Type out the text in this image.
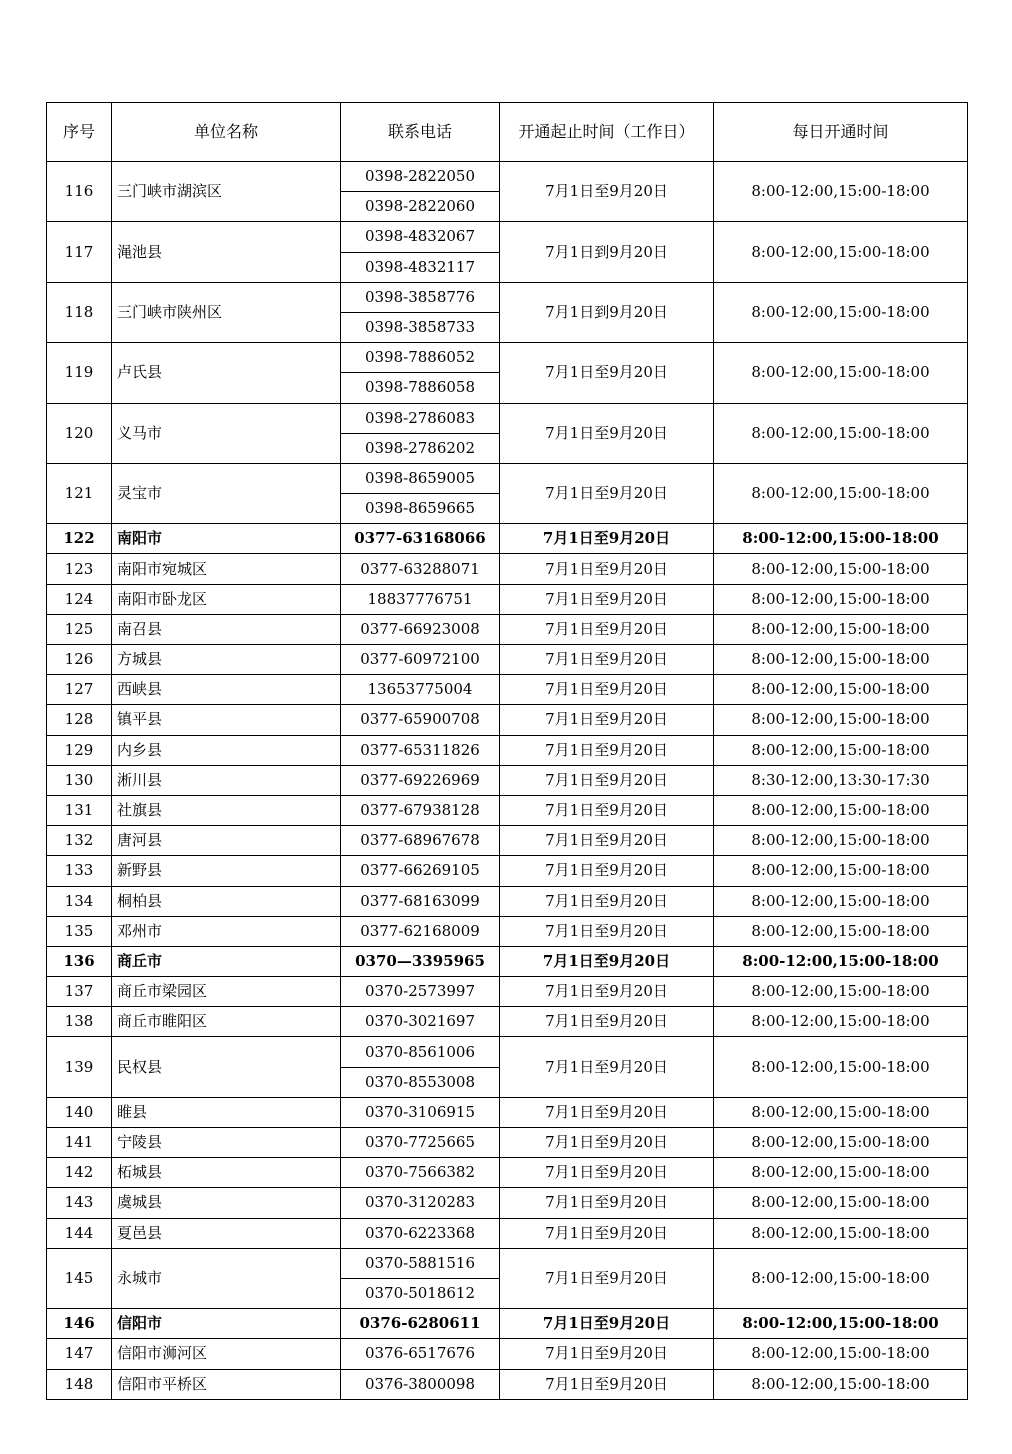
序号	单位名称	联系电话	开通起止时间（工作日）	每日开通时间
116	三门峡市湖滨区	0398-2822050	7月1日至9月20日	8:00-12:00,15:00-18:00
		0398-2822060		
117	渑池县	0398-4832067	7月1日到9月20日	8:00-12:00,15:00-18:00
		0398-4832117		
118	三门峡市陕州区	0398-3858776	7月1日到9月20日	8:00-12:00,15:00-18:00
		0398-3858733		
119	卢氏县	0398-7886052	7月1日至9月20日	8:00-12:00,15:00-18:00
		0398-7886058		
120	义马市	0398-2786083	7月1日至9月20日	8:00-12:00,15:00-18:00
		0398-2786202		
121	灵宝市	0398-8659005	7月1日至9月20日	8:00-12:00,15:00-18:00
		0398-8659665		
122	南阳市	0377-63168066	7月1日至9月20日	8:00-12:00,15:00-18:00
123	南阳市宛城区	0377-63288071	7月1日至9月20日	8:00-12:00,15:00-18:00
124	南阳市卧龙区	18837776751	7月1日至9月20日	8:00-12:00,15:00-18:00
125	南召县	0377-66923008	7月1日至9月20日	8:00-12:00,15:00-18:00
126	方城县	0377-60972100	7月1日至9月20日	8:00-12:00,15:00-18:00
127	西峡县	13653775004	7月1日至9月20日	8:00-12:00,15:00-18:00
128	镇平县	0377-65900708	7月1日至9月20日	8:00-12:00,15:00-18:00
129	内乡县	0377-65311826	7月1日至9月20日	8:00-12:00,15:00-18:00
130	淅川县	0377-69226969	7月1日至9月20日	8:30-12:00,13:30-17:30
131	社旗县	0377-67938128	7月1日至9月20日	8:00-12:00,15:00-18:00
132	唐河县	0377-68967678	7月1日至9月20日	8:00-12:00,15:00-18:00
133	新野县	0377-66269105	7月1日至9月20日	8:00-12:00,15:00-18:00
134	桐柏县	0377-68163099	7月1日至9月20日	8:00-12:00,15:00-18:00
135	邓州市	0377-62168009	7月1日至9月20日	8:00-12:00,15:00-18:00
136	商丘市	0370—3395965	7月1日至9月20日	8:00-12:00,15:00-18:00
137	商丘市梁园区	0370-2573997	7月1日至9月20日	8:00-12:00,15:00-18:00
138	商丘市睢阳区	0370-3021697	7月1日至9月20日	8:00-12:00,15:00-18:00
139	民权县	0370-8561006	7月1日至9月20日	8:00-12:00,15:00-18:00
		0370-8553008		
140	睢县	0370-3106915	7月1日至9月20日	8:00-12:00,15:00-18:00
141	宁陵县	0370-7725665	7月1日至9月20日	8:00-12:00,15:00-18:00
142	柘城县	0370-7566382	7月1日至9月20日	8:00-12:00,15:00-18:00
143	虞城县	0370-3120283	7月1日至9月20日	8:00-12:00,15:00-18:00
144	夏邑县	0370-6223368	7月1日至9月20日	8:00-12:00,15:00-18:00
145	永城市	0370-5881516	7月1日至9月20日	8:00-12:00,15:00-18:00
		0370-5018612		
146	信阳市	0376-6280611	7月1日至9月20日	8:00-12:00,15:00-18:00
147	信阳市浉河区	0376-6517676	7月1日至9月20日	8:00-12:00,15:00-18:00
148	信阳市平桥区	0376-3800098	7月1日至9月20日	8:00-12:00,15:00-18:00
